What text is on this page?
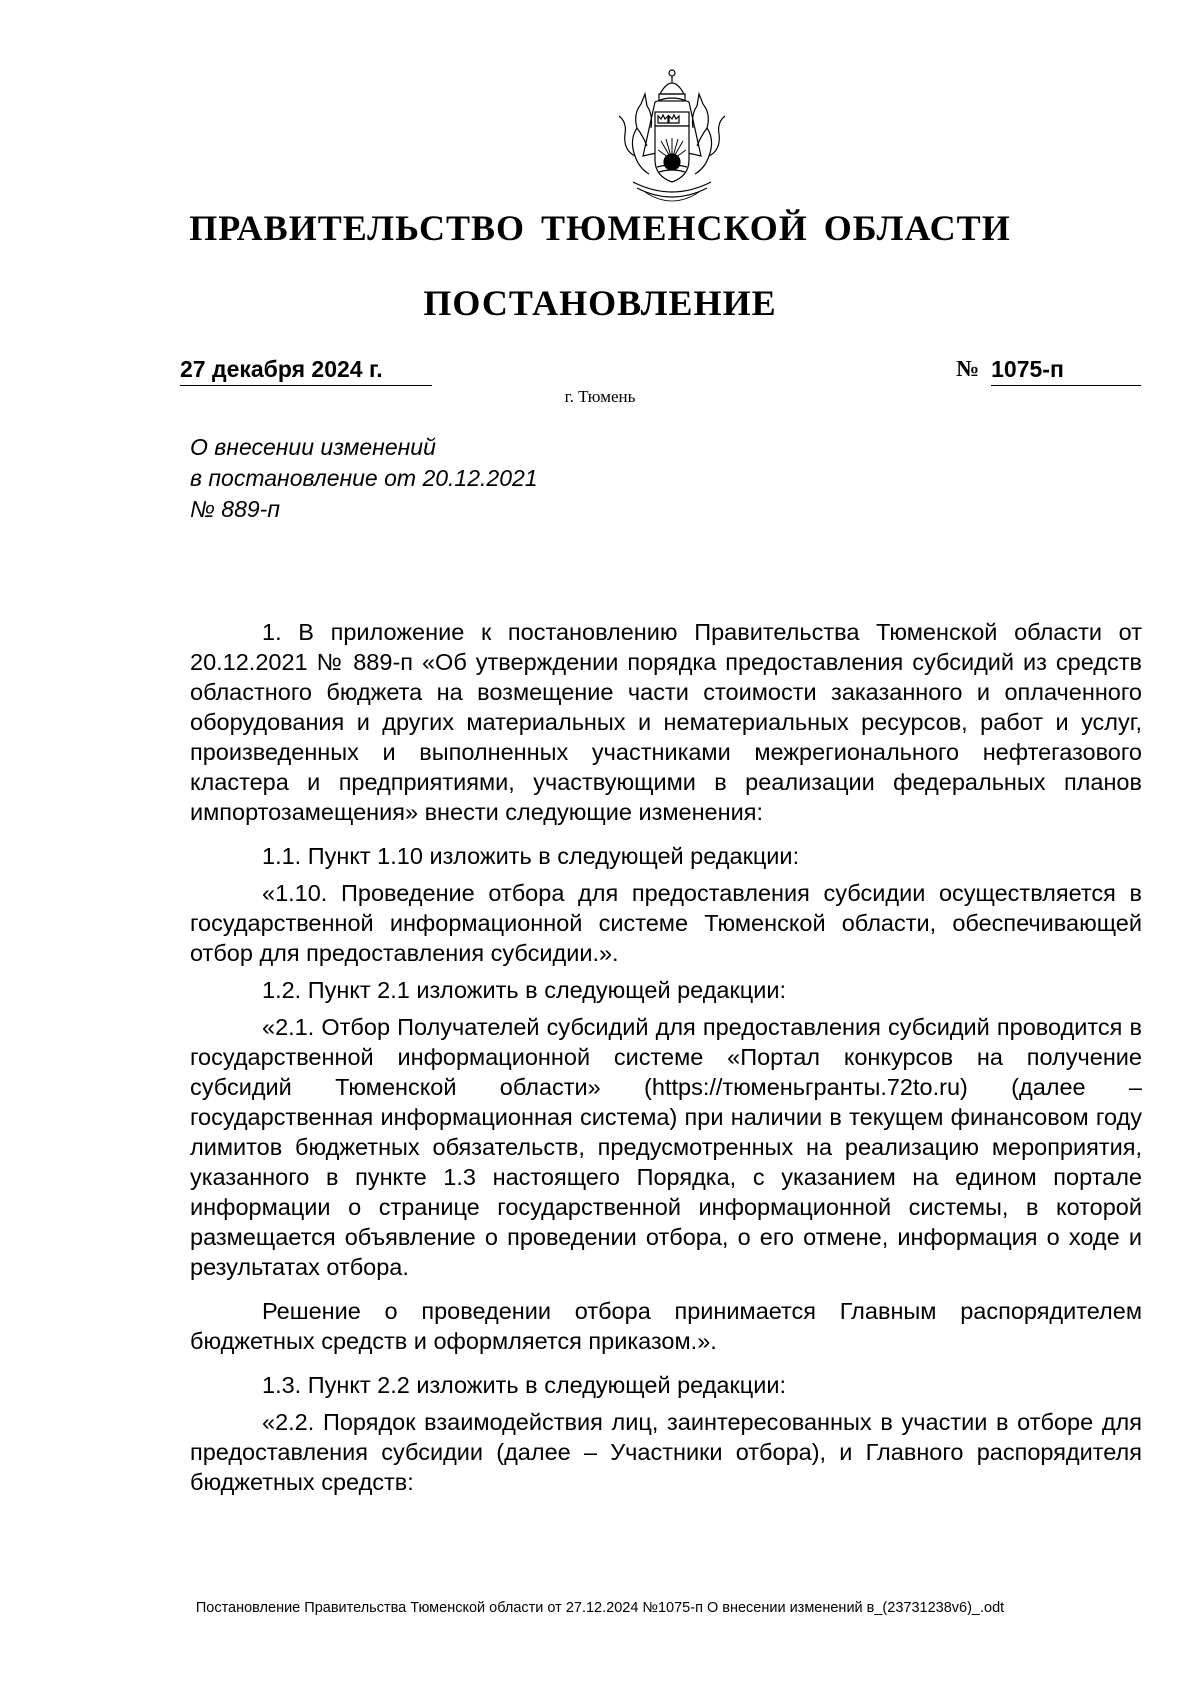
ПРАВИТЕЛЬСТВО ТЮМЕНСКОЙ ОБЛАСТИ
ПОСТАНОВЛЕНИЕ
27 декабря 2024 г.	№ 1075-п
г. Тюмень
О внесении изменений
в постановление от 20.12.2021
№ 889-п

1. В приложение к постановлению Правительства Тюменской области от 20.12.2021 № 889-п «Об утверждении порядка предоставления субсидий из средств областного бюджета на возмещение части стоимости заказанного и оплаченного оборудования и других материальных и нематериальных ресурсов, работ и услуг, произведенных и выполненных участниками межрегионального нефтегазового кластера и предприятиями, участвующими в реализации федеральных планов импортозамещения» внести следующие изменения:

1.1. Пункт 1.10 изложить в следующей редакции:

«1.10. Проведение отбора для предоставления субсидии осуществляется в государственной информационной системе Тюменской области, обеспечивающей отбор для предоставления субсидии.».

1.2. Пункт 2.1 изложить в следующей редакции:

«2.1. Отбор Получателей субсидий для предоставления субсидий проводится в государственной информационной системе «Портал конкурсов на получение субсидий Тюменской области» (https://тюменьгранты.72to.ru) (далее – государственная информационная система) при наличии в текущем финансовом году лимитов бюджетных обязательств, предусмотренных на реализацию мероприятия, указанного в пункте 1.3 настоящего Порядка, с указанием на едином портале информации о странице государственной информационной системы, в которой размещается объявление о проведении отбора, о его отмене, информация о ходе и результатах отбора.

Решение о проведении отбора принимается Главным распорядителем бюджетных средств и оформляется приказом.».

1.3. Пункт 2.2 изложить в следующей редакции:

«2.2. Порядок взаимодействия лиц, заинтересованных в участии в отборе для предоставления субсидии (далее – Участники отбора), и Главного распорядителя бюджетных средств:

Постановление Правительства Тюменской области от 27.12.2024 №1075-п О внесении изменений в_(23731238v6)_.odt
